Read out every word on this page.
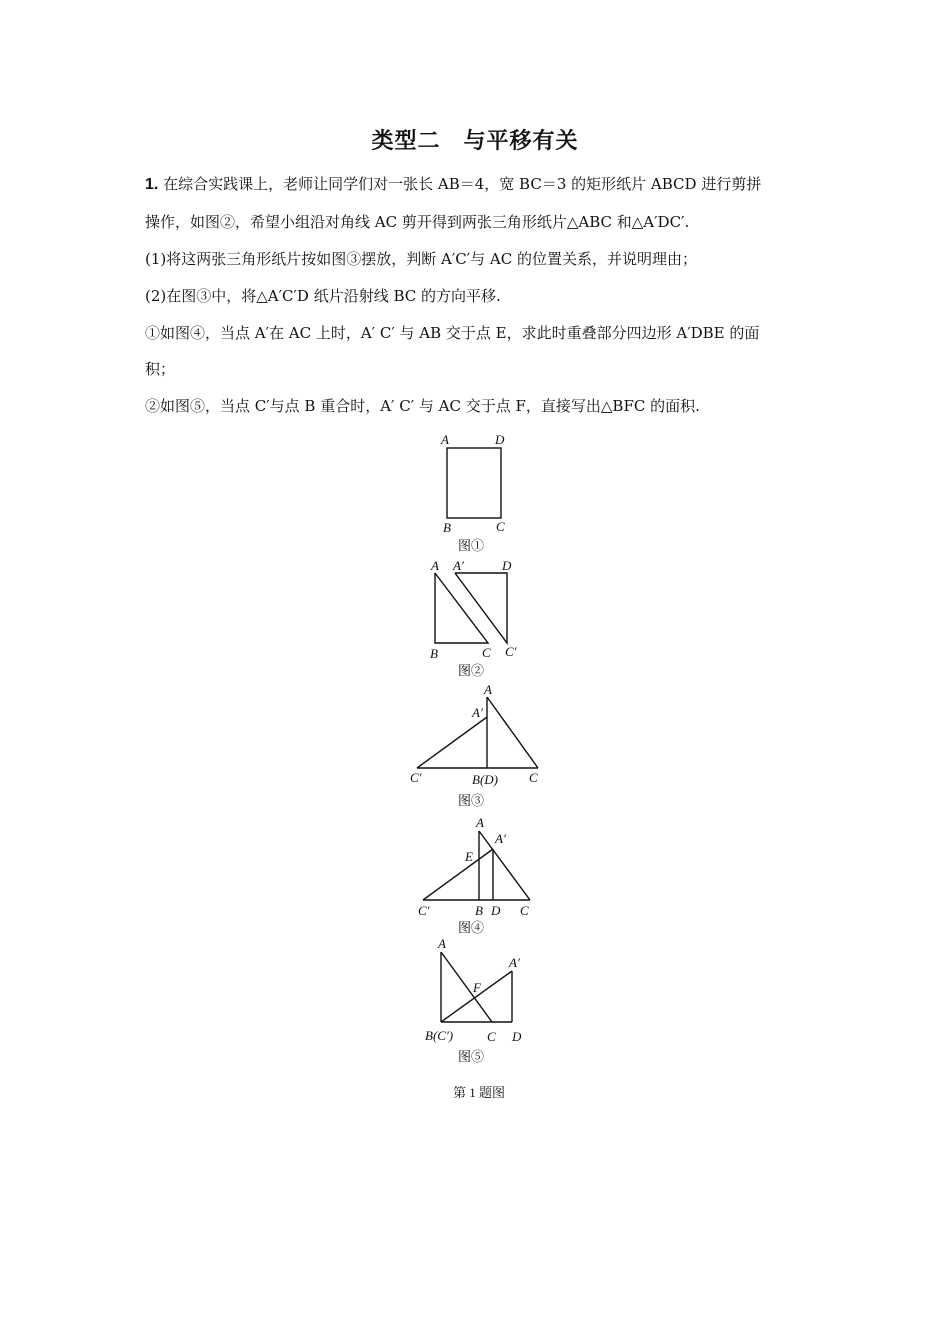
类型二　与平移有关
1. 在综合实践课上，老师让同学们对一张长 AB＝4，宽 BC＝3 的矩形纸片 ABCD 进行剪拼
操作，如图②，希望小组沿对角线 AC 剪开得到两张三角形纸片△ABC 和△A′DC′.
(1)将这两张三角形纸片按如图③摆放，判断 A′C′与 AC 的位置关系，并说明理由；
(2)在图③中，将△A′C′D 纸片沿射线 BC 的方向平移.
①如图④，当点 A′在 AC 上时，A′ C′ 与 AB 交于点 E，求此时重叠部分四边形 A′DBE 的面
积；
②如图⑤，当点 C′与点 B 重合时，A′ C′ 与 AC 交于点 F，直接写出△BFC 的面积.
A	D
B	C
图①
A A′	D
B	C C′
图②
A
A′
C′	B(D) C
图③
A
A′
E
C′	B D C
图④
A
A′
F
B(C′)	C D
图⑤
第 1 题图
